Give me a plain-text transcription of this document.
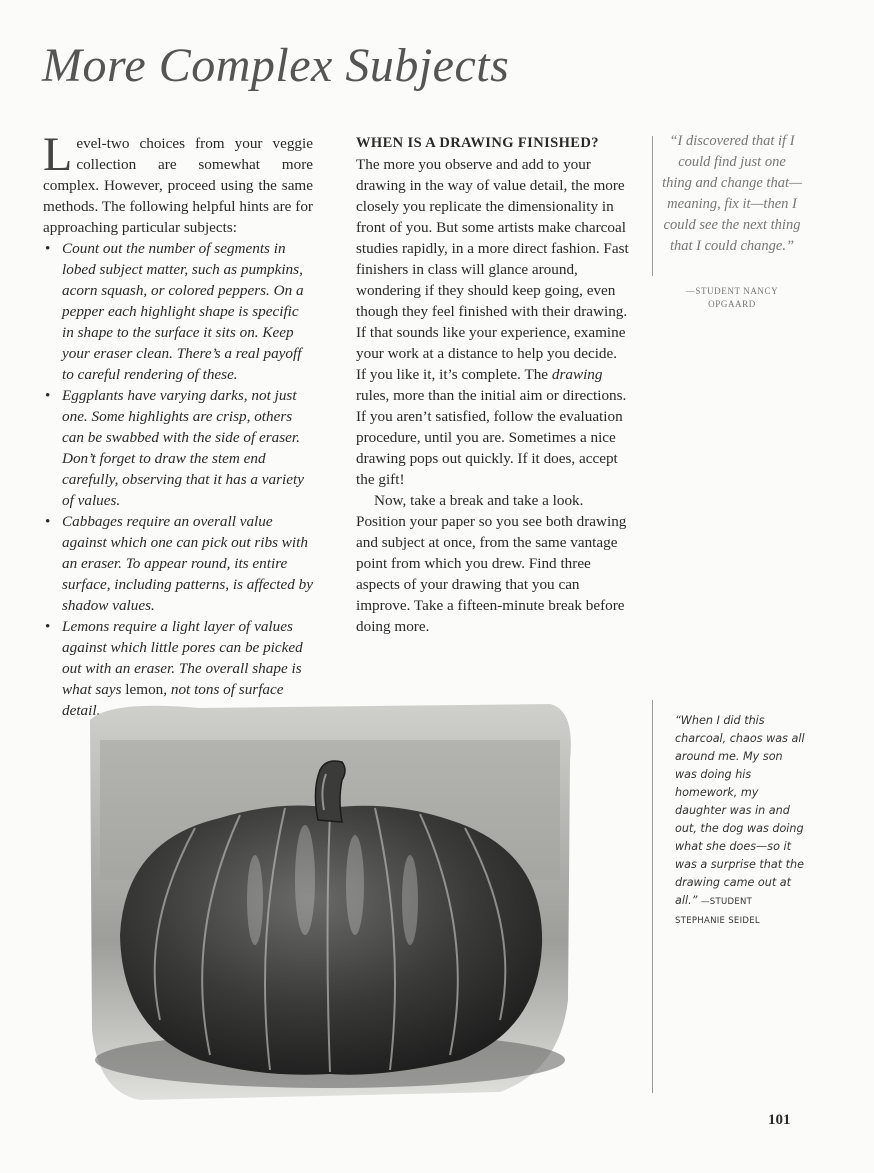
More Complex Subjects

Level-two choices from your veggie collection are somewhat more complex. However, proceed using the same methods. The following helpful hints are for approaching particular subjects:

• Count out the number of segments in lobed subject matter, such as pumpkins, acorn squash, or colored peppers. On a pepper each highlight shape is specific in shape to the surface it sits on. Keep your eraser clean. There’s a real payoff to careful rendering of these.
• Eggplants have varying darks, not just one. Some highlights are crisp, others can be swabbed with the side of eraser. Don’t forget to draw the stem end carefully, observing that it has a variety of values.
• Cabbages require an overall value against which one can pick out ribs with an eraser. To appear round, its entire surface, including patterns, is affected by shadow values.
• Lemons require a light layer of values against which little pores can be picked out with an eraser. The overall shape is what says lemon, not tons of surface detail.

WHEN IS A DRAWING FINISHED?

The more you observe and add to your drawing in the way of value detail, the more closely you replicate the dimensionality in front of you. But some artists make charcoal studies rapidly, in a more direct fashion. Fast finishers in class will glance around, wondering if they should keep going, even though they feel finished with their drawing. If that sounds like your experience, examine your work at a distance to help you decide. If you like it, it’s complete. The drawing rules, more than the initial aim or directions. If you aren’t satisfied, follow the evaluation procedure, until you are. Sometimes a nice drawing pops out quickly. If it does, accept the gift!

Now, take a break and take a look. Position your paper so you see both drawing and subject at once, from the same vantage point from which you drew. Find three aspects of your drawing that you can improve. Take a fifteen-minute break before doing more.

“I discovered that if I could find just one thing and change that—meaning, fix it—then I could see the next thing that I could change.”
—STUDENT NANCY OPGAARD
“When I did this charcoal, chaos was all around me. My son was doing his homework, my daughter was in and out, the dog was doing what she does—so it was a surprise that the drawing came out at all.” —STUDENT STEPHANIE SEIDEL
101
